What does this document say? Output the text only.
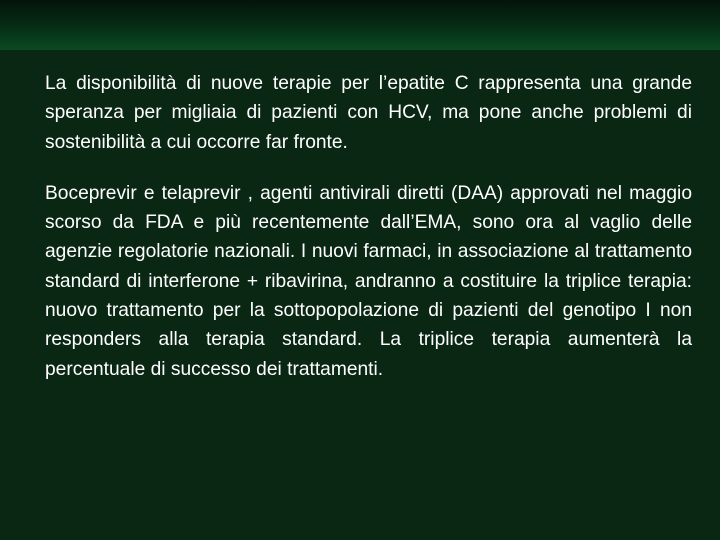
La disponibilità di nuove terapie per l’epatite C rappresenta una grande speranza per migliaia di pazienti con HCV, ma pone anche problemi di sostenibilità a cui occorre far fronte.

Boceprevir e telaprevir , agenti antivirali diretti (DAA) approvati nel maggio scorso da FDA e più recentemente dall’EMA, sono ora al vaglio delle agenzie regolatorie nazionali. I nuovi farmaci, in associazione al trattamento standard di interferone + ribavirina, andranno a costituire la triplice terapia: nuovo trattamento per la sottopopolazione di pazienti del genotipo I non responders alla terapia standard. La triplice terapia aumenterà la percentuale di successo dei trattamenti.
